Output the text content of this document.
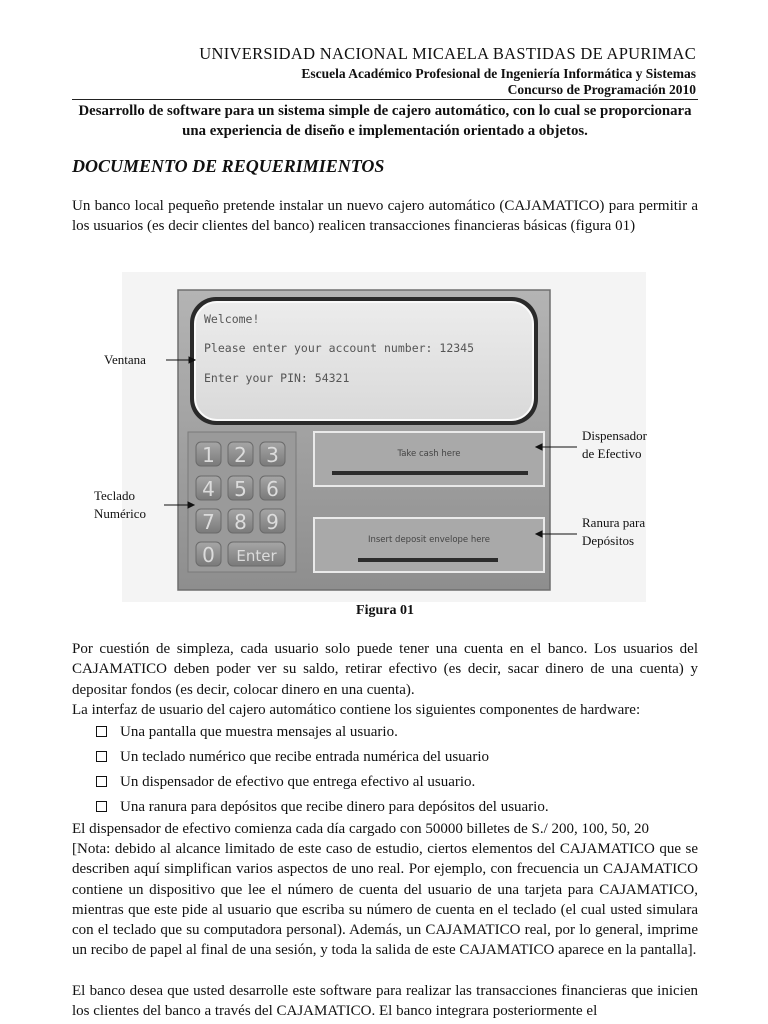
UNIVERSIDAD NACIONAL MICAELA BASTIDAS DE APURIMAC
Escuela Académico Profesional de Ingeniería Informática y Sistemas
Concurso de Programación 2010
Desarrollo de software para un sistema simple de cajero automático, con lo cual se proporcionara una experiencia de diseño e implementación orientado a objetos.
DOCUMENTO DE REQUERIMIENTOS
Un banco local pequeño pretende instalar un nuevo cajero automático (CAJAMATICO) para permitir a los usuarios (es decir clientes del banco) realicen transacciones financieras básicas (figura 01)
Welcome!
Please enter your account number: 12345
Enter your PIN: 54321
1 2 3
4 5 6
7 8 9
0 Enter
Take cash here
Insert deposit envelope here
Ventana
Teclado
Numérico
Dispensador
de Efectivo
Ranura para
Depósitos
Figura 01
Por cuestión de simpleza, cada usuario solo puede tener una cuenta en el banco. Los usuarios del CAJAMATICO deben poder ver su saldo, retirar efectivo (es decir, sacar dinero de una cuenta) y depositar fondos (es decir, colocar dinero en una cuenta).
La interfaz de usuario del cajero automático contiene los siguientes componentes de hardware:
Una pantalla que muestra mensajes al usuario.
Un teclado numérico que recibe entrada numérica del usuario
Un dispensador de efectivo que entrega efectivo al usuario.
Una ranura para depósitos que recibe dinero para depósitos del usuario.
El dispensador de efectivo comienza cada día cargado con 50000 billetes de S./ 200, 100, 50, 20
[Nota: debido al alcance limitado de este caso de estudio, ciertos elementos del CAJAMATICO que se describen aquí simplifican varios aspectos de uno real. Por ejemplo, con frecuencia un CAJAMATICO contiene un dispositivo que lee el número de cuenta del usuario de una tarjeta para CAJAMATICO, mientras que este pide al usuario que escriba su número de cuenta en el teclado (el cual usted simulara con el teclado que su computadora personal). Además, un CAJAMATICO real, por lo general, imprime un recibo de papel al final de una sesión, y toda la salida de este CAJAMATICO aparece en la pantalla].
El banco desea que usted desarrolle este software para realizar las transacciones financieras que inicien los clientes del banco a través del CAJAMATICO. El banco integrara posteriormente el
